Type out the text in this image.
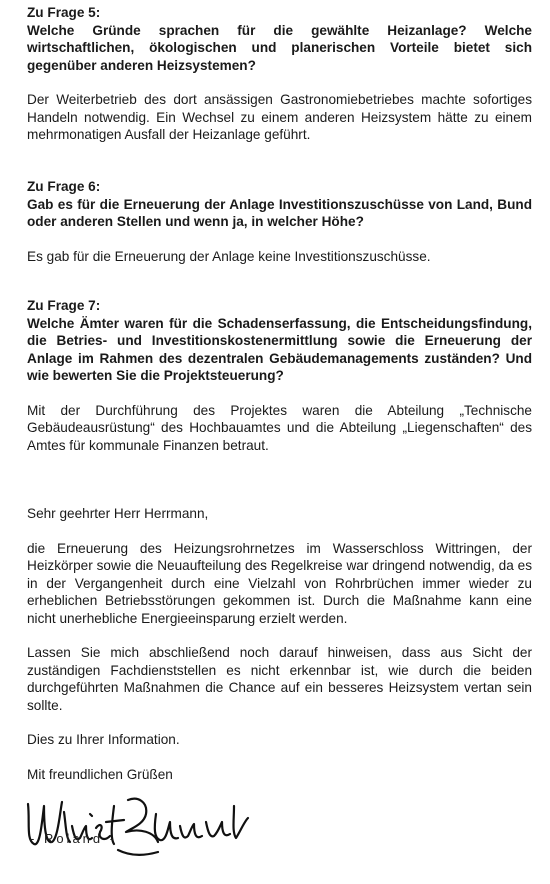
Zu Frage 5:

Welche Gründe sprachen für die gewählte Heizanlage? Welche wirtschaftlichen, ökologischen und planerischen Vorteile bietet sich gegenüber anderen Heizsystemen?

Der Weiterbetrieb des dort ansässigen Gastronomiebetriebes machte sofortiges Handeln notwendig. Ein Wechsel zu einem anderen Heizsystem hätte zu einem mehrmonatigen Ausfall der Heizanlage geführt.

Zu Frage 6:

Gab es für die Erneuerung der Anlage Investitionszuschüsse von Land, Bund oder anderen Stellen und wenn ja, in welcher Höhe?

Es gab für die Erneuerung der Anlage keine Investitionszuschüsse.

Zu Frage 7:

Welche Ämter waren für die Schadenserfassung, die Entscheidungsfindung, die Betries- und Investitionskostenermittlung sowie die Erneuerung der Anlage im Rahmen des dezentralen Gebäudemanagements zuständen? Und wie bewerten Sie die Projektsteuerung?

Mit der Durchführung des Projektes waren die Abteilung „Technische Gebäudeausrüstung“ des Hochbauamtes und die Abteilung „Liegenschaften“ des Amtes für kommunale Finanzen betraut.

Sehr geehrter Herr Herrmann,

die Erneuerung des Heizungsrohrnetzes im Wasserschloss Wittringen, der Heizkörper sowie die Neuaufteilung des Regelkreise war dringend notwendig, da es in der Vergangenheit durch eine Vielzahl von Rohrbrüchen immer wieder zu erheblichen Betriebsstörungen gekommen ist. Durch die Maßnahme kann eine nicht unerhebliche Energieeinsparung erzielt werden.

Lassen Sie mich abschließend noch darauf hinweisen, dass aus Sicht der zuständigen Fachdienststellen es nicht erkennbar ist, wie durch die beiden durchgeführten Maßnahmen die Chance auf ein besseres Heizsystem vertan sein sollte.

Dies zu Ihrer Information.

Mit freundlichen Grüßen

- Roland -
